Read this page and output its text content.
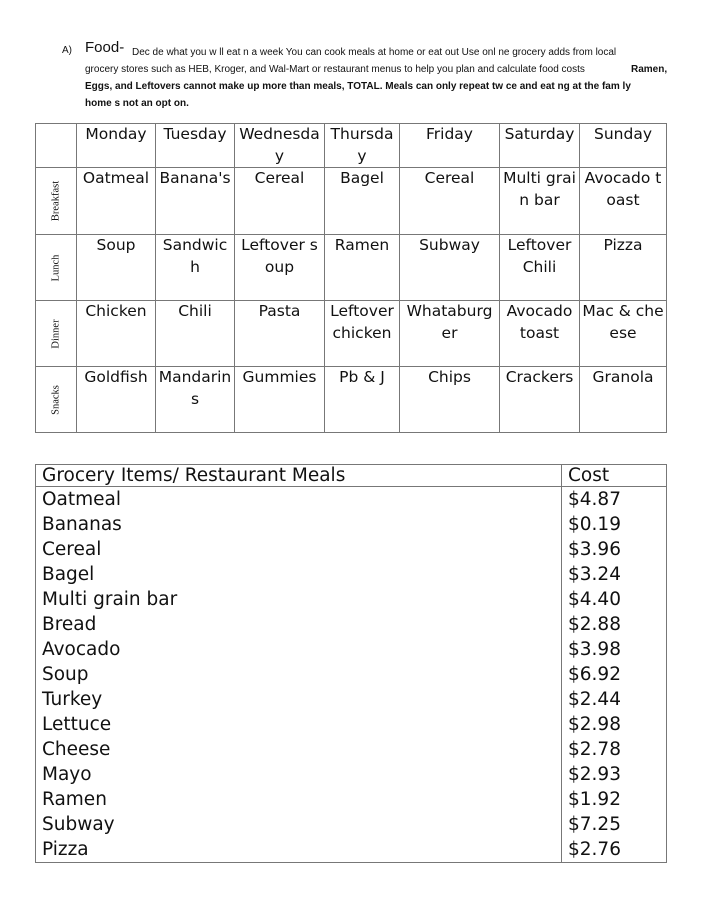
A) Food- Dec de what you w ll eat n a week You can cook meals at home or eat out Use onl ne grocery adds from local
grocery stores such as HEB, Kroger, and Wal-Mart or restaurant menus to help you plan and calculate food costs	Ramen,
Eggs, and Leftovers cannot make up more than meals, TOTAL. Meals can only repeat tw ce and eat ng at the fam ly
home s not an opt on.
	Monday	Tuesday	Wednesday	Thursday	Friday	Saturday	Sunday

Breakfast	Oatmeal	Banana's	Cereal	Bagel	Cereal	Multi grain bar	Avocado toast

Lunch	Soup	Sandwich	Leftover soup	Ramen	Subway	Leftover Chili	Pizza

Dinner	Chicken	Chili	Pasta	Leftover chicken	Whataburger	Avocado toast	Mac & cheese

Snacks	Goldfish	Mandarins	Gummies	Pb & J	Chips	Crackers	Granola
Grocery Items/ Restaurant Meals	Cost
Oatmeal	$4.87
Bananas	$0.19
Cereal	$3.96
Bagel	$3.24
Multi grain bar	$4.40
Bread	$2.88
Avocado	$3.98
Soup	$6.92
Turkey	$2.44
Lettuce	$2.98
Cheese	$2.78
Mayo	$2.93
Ramen	$1.92
Subway	$7.25
Pizza	$2.76
